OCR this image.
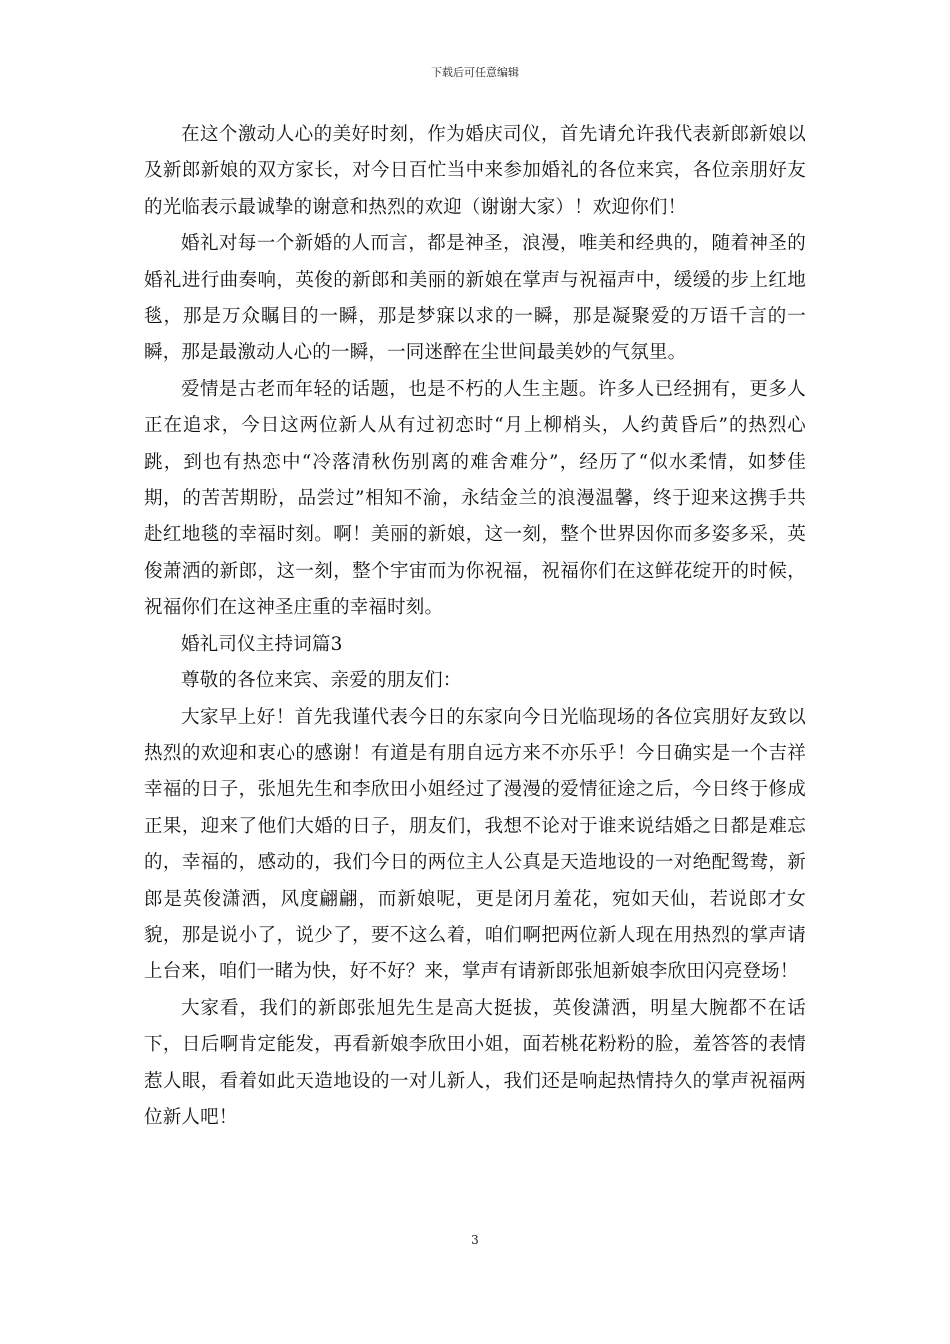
下载后可任意编辑

在这个激动人心的美好时刻，作为婚庆司仪，首先请允许我代表新郎新娘以及新郎新娘的双方家长，对今日百忙当中来参加婚礼的各位来宾，各位亲朋好友的光临表示最诚挚的谢意和热烈的欢迎（谢谢大家）！欢迎你们！

婚礼对每一个新婚的人而言，都是神圣，浪漫，唯美和经典的，随着神圣的婚礼进行曲奏响，英俊的新郎和美丽的新娘在掌声与祝福声中，缓缓的步上红地毯，那是万众瞩目的一瞬，那是梦寐以求的一瞬，那是凝聚爱的万语千言的一瞬，那是最激动人心的一瞬，一同迷醉在尘世间最美妙的气氛里。

爱情是古老而年轻的话题，也是不朽的人生主题。许多人已经拥有，更多人正在追求，今日这两位新人从有过初恋时“月上柳梢头，人约黄昏后”的热烈心跳，到也有热恋中“冷落清秋伤别离的难舍难分”，经历了“似水柔情，如梦佳期，的苦苦期盼，品尝过”相知不渝，永结金兰的浪漫温馨，终于迎来这携手共赴红地毯的幸福时刻。啊！美丽的新娘，这一刻，整个世界因你而多姿多采，英俊萧洒的新郎，这一刻，整个宇宙而为你祝福，祝福你们在这鲜花绽开的时候，祝福你们在这神圣庄重的幸福时刻。

婚礼司仪主持词篇3

尊敬的各位来宾、亲爱的朋友们：

大家早上好！首先我谨代表今日的东家向今日光临现场的各位宾朋好友致以热烈的欢迎和衷心的感谢！有道是有朋自远方来不亦乐乎！今日确实是一个吉祥幸福的日子，张旭先生和李欣田小姐经过了漫漫的爱情征途之后，今日终于修成正果，迎来了他们大婚的日子，朋友们，我想不论对于谁来说结婚之日都是难忘的，幸福的，感动的，我们今日的两位主人公真是天造地设的一对绝配鸳鸯，新郎是英俊潇洒，风度翩翩，而新娘呢，更是闭月羞花，宛如天仙，若说郎才女貌，那是说小了，说少了，要不这么着，咱们啊把两位新人现在用热烈的掌声请上台来，咱们一睹为快，好不好？来，掌声有请新郎张旭新娘李欣田闪亮登场！

大家看，我们的新郎张旭先生是高大挺拔，英俊潇洒，明星大腕都不在话下，日后啊肯定能发，再看新娘李欣田小姐，面若桃花粉粉的脸，羞答答的表情惹人眼，看着如此天造地设的一对儿新人，我们还是响起热情持久的掌声祝福两位新人吧！

3
